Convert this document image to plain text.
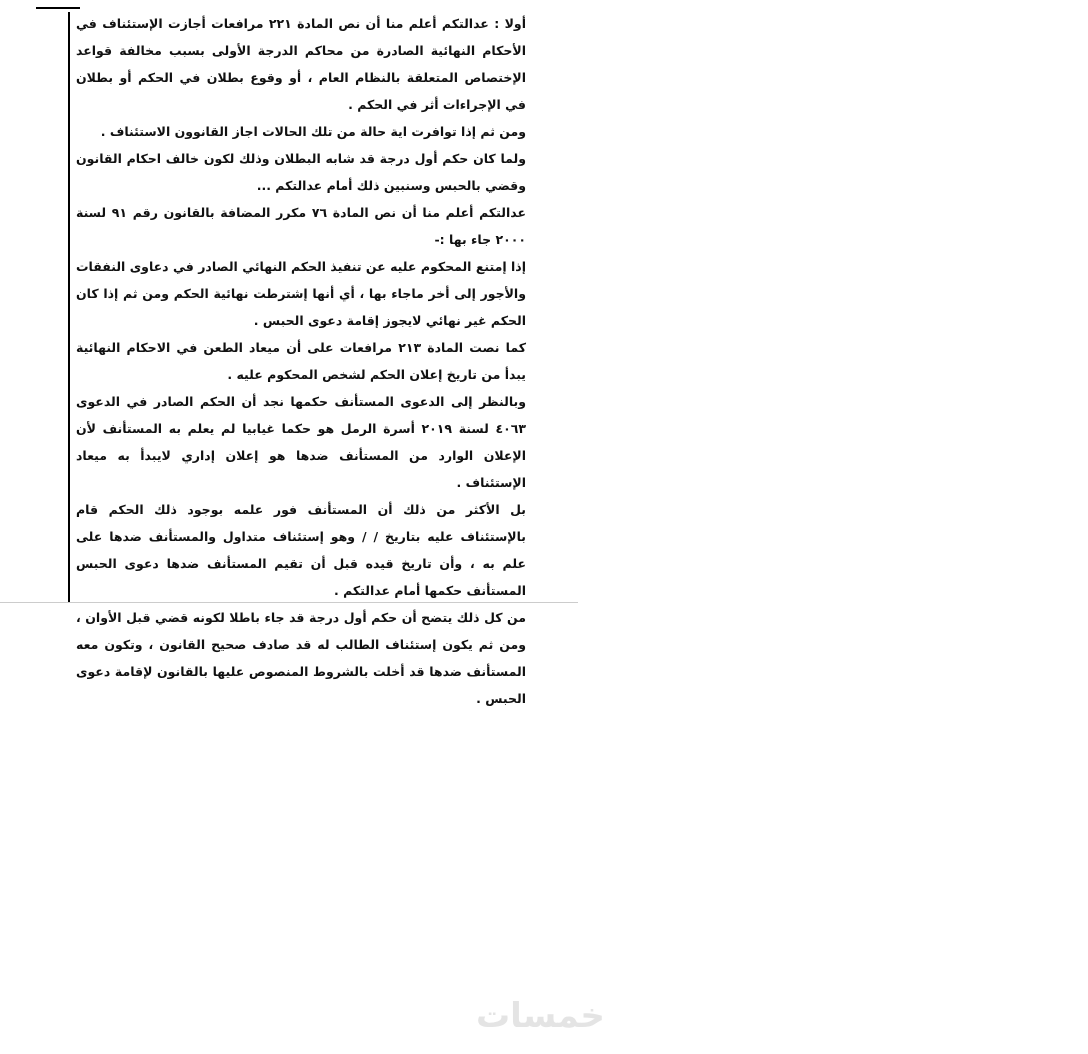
أولا : عدالتكم أعلم منا أن نص المادة ٢٢١ مرافعات أجازت الإستئناف في الأحكام النهائية الصادرة من محاكم الدرجة الأولى بسبب مخالفة قواعد الإختصاص المتعلقة بالنظام العام ، أو وقوع بطلان في الحكم أو بطلان في الإجراءات أثر في الحكم .

ومن ثم إذا توافرت اية حالة من تلك الحالات اجاز القانوون الاستئناف .

ولما كان حكم أول درجة قد شابه البطلان وذلك لكون خالف احكام القانون وقضي بالحبس وسنبين ذلك أمام عدالتكم ...

عدالتكم أعلم منا أن نص المادة ٧٦ مكرر المضافة بالقانون رقم ٩١ لسنة ٢٠٠٠ جاء بها :-

إذا إمتنع المحكوم عليه عن تنفيذ الحكم النهائي الصادر في دعاوى النفقات والأجور إلى أخر ماجاء بها ، أي أنها إشترطت نهائية الحكم ومن ثم إذا كان الحكم غير نهائي لايجوز إقامة دعوى الحبس .

كما نصت المادة ٢١٣ مرافعات على أن ميعاد الطعن في الاحكام النهائية يبدأ من تاريخ إعلان الحكم لشخص المحكوم عليه .

وبالنظر إلى الدعوى المستأنف حكمها نجد أن الحكم الصادر في الدعوى ٤٠٦٣ لسنة ٢٠١٩ أسرة الرمل هو حكما غيابيا لم يعلم به المستأنف لأن الإعلان الوارد من المستأنف ضدها هو إعلان إداري لايبدأ به ميعاد الإستئناف .

بل الأكثر من ذلك أن المستأنف فور علمه بوجود ذلك الحكم قام بالإستئناف عليه بتاريخ / / وهو إستئناف متداول والمستأنف ضدها على علم به ، وأن تاريخ قيده قبل أن تقيم المستأنف ضدها دعوى الحبس المستأنف حكمها أمام عدالتكم .

من كل ذلك يتضح أن حكم أول درجة قد جاء باطلا لكونه قضي قبل الأوان ، ومن ثم يكون إستئناف الطالب له قد صادف صحيح القانون ، وتكون معه المستأنف ضدها قد أخلت بالشروط المنصوص عليها بالقانون لإقامة دعوى الحبس .

خمسات
